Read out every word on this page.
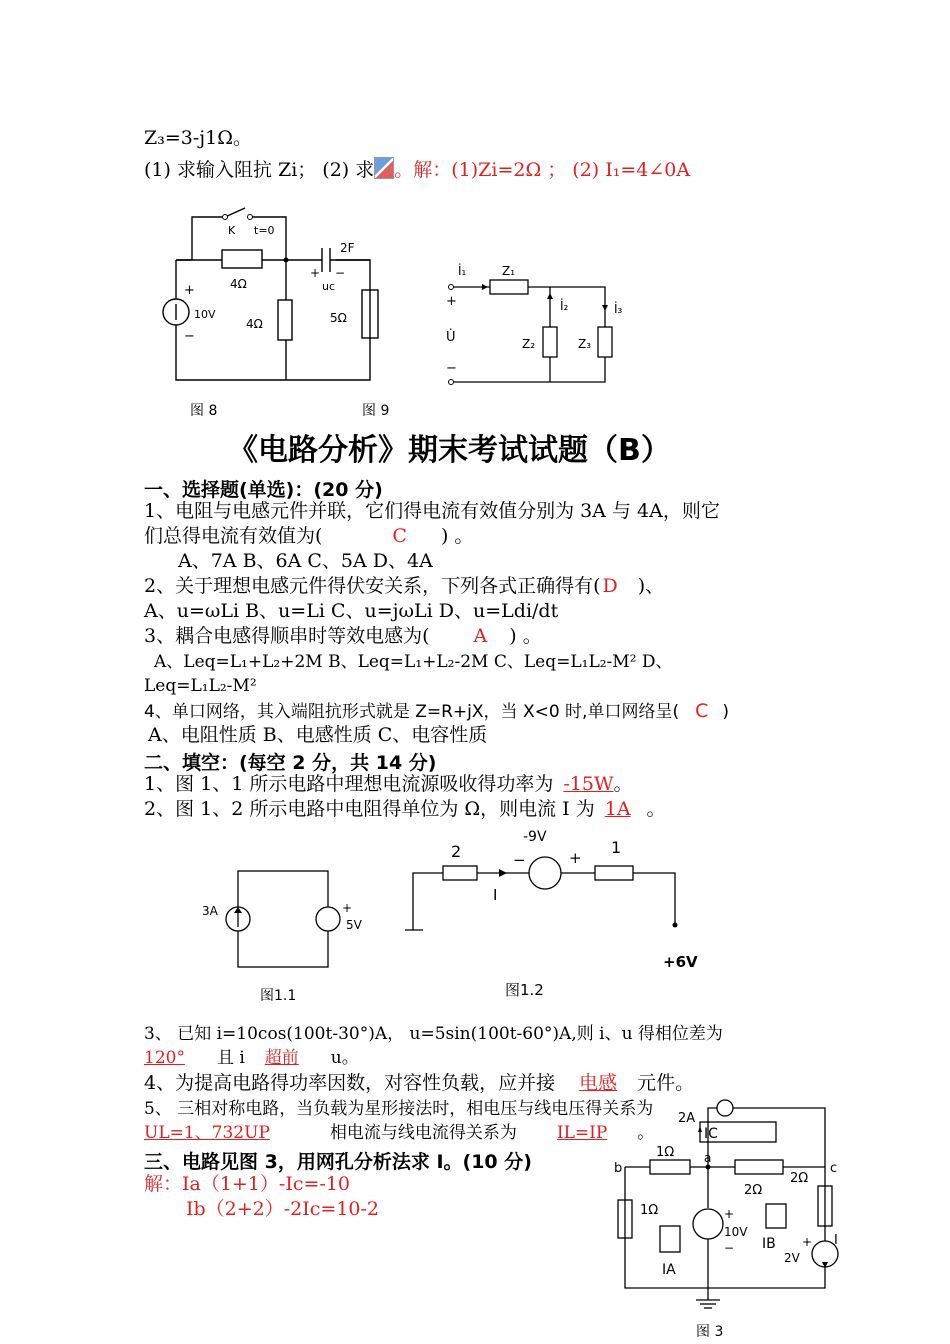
Z₃=3-j1Ω。
(1) 求输入阻抗 Zi； (2) 求 。解：(1)Zi=2Ω ； (2) I₁=4∠0A
K t=0
2F
+ −
uc
4Ω
4Ω	5Ω
+
−
10V
图 8
İ₁	Z₁
İ₂	İ₃
Z₂	Z₃
+
U̇
−
图 9
《电路分析》期末考试试题（B）
一、选择题(单选)：(20 分)
1、电阻与电感元件并联，它们得电流有效值分别为 3A 与 4A，则它
们总得电流有效值为(	C ) 。
A、7A B、6A C、5A D、4A
2、关于理想电感元件得伏安关系，下列各式正确得有( D )、
A、u=ωLi B、u=Li C、u=jωLi D、u=Ldi/dt
3、耦合电感得顺串时等效电感为( A ) 。
A、Leq=L₁+L₂+2M B、Leq=L₁+L₂-2M C、Leq=L₁L₂-M² D、
Leq=L₁L₂-M²
4、单口网络，其入端阻抗形式就是 Z=R+jX，当 X<0 时,单口网络呈( C )
A、电阻性质 B、电感性质 C、电容性质
二、填空：(每空 2 分，共 14 分)
1、图 1、1 所示电路中理想电流源吸收得功率为 -15W。
2、图 1、2 所示电路中电阻得单位为 Ω，则电流 I 为 1A 。
3A	+
5V
图1.1
2	1
-9V
−	+
I
+6V
图1.2
3、 已知 i=10cos(100t-30°)A， u=5sin(100t-60°)A,则 i、u 得相位差为
120° 且 i 超前 u。
4、为提高电路得功率因数，对容性负载，应并接 电感 元件。
5、 三相对称电路，当负载为星形接法时，相电压与线电压得关系为
UL=1、732UP	相电流与线电流得关系为 IL=IP 。
三、电路见图 3，用网孔分析法求 I。(10 分)
解：Ia（1+1）-Ic=-10
Ib（2+2）-2Ic=10-2
2A
IC
1Ω a
b	c
2Ω
2Ω
1Ω	+
10V
−
IA
IB +
2V
I
图 3
